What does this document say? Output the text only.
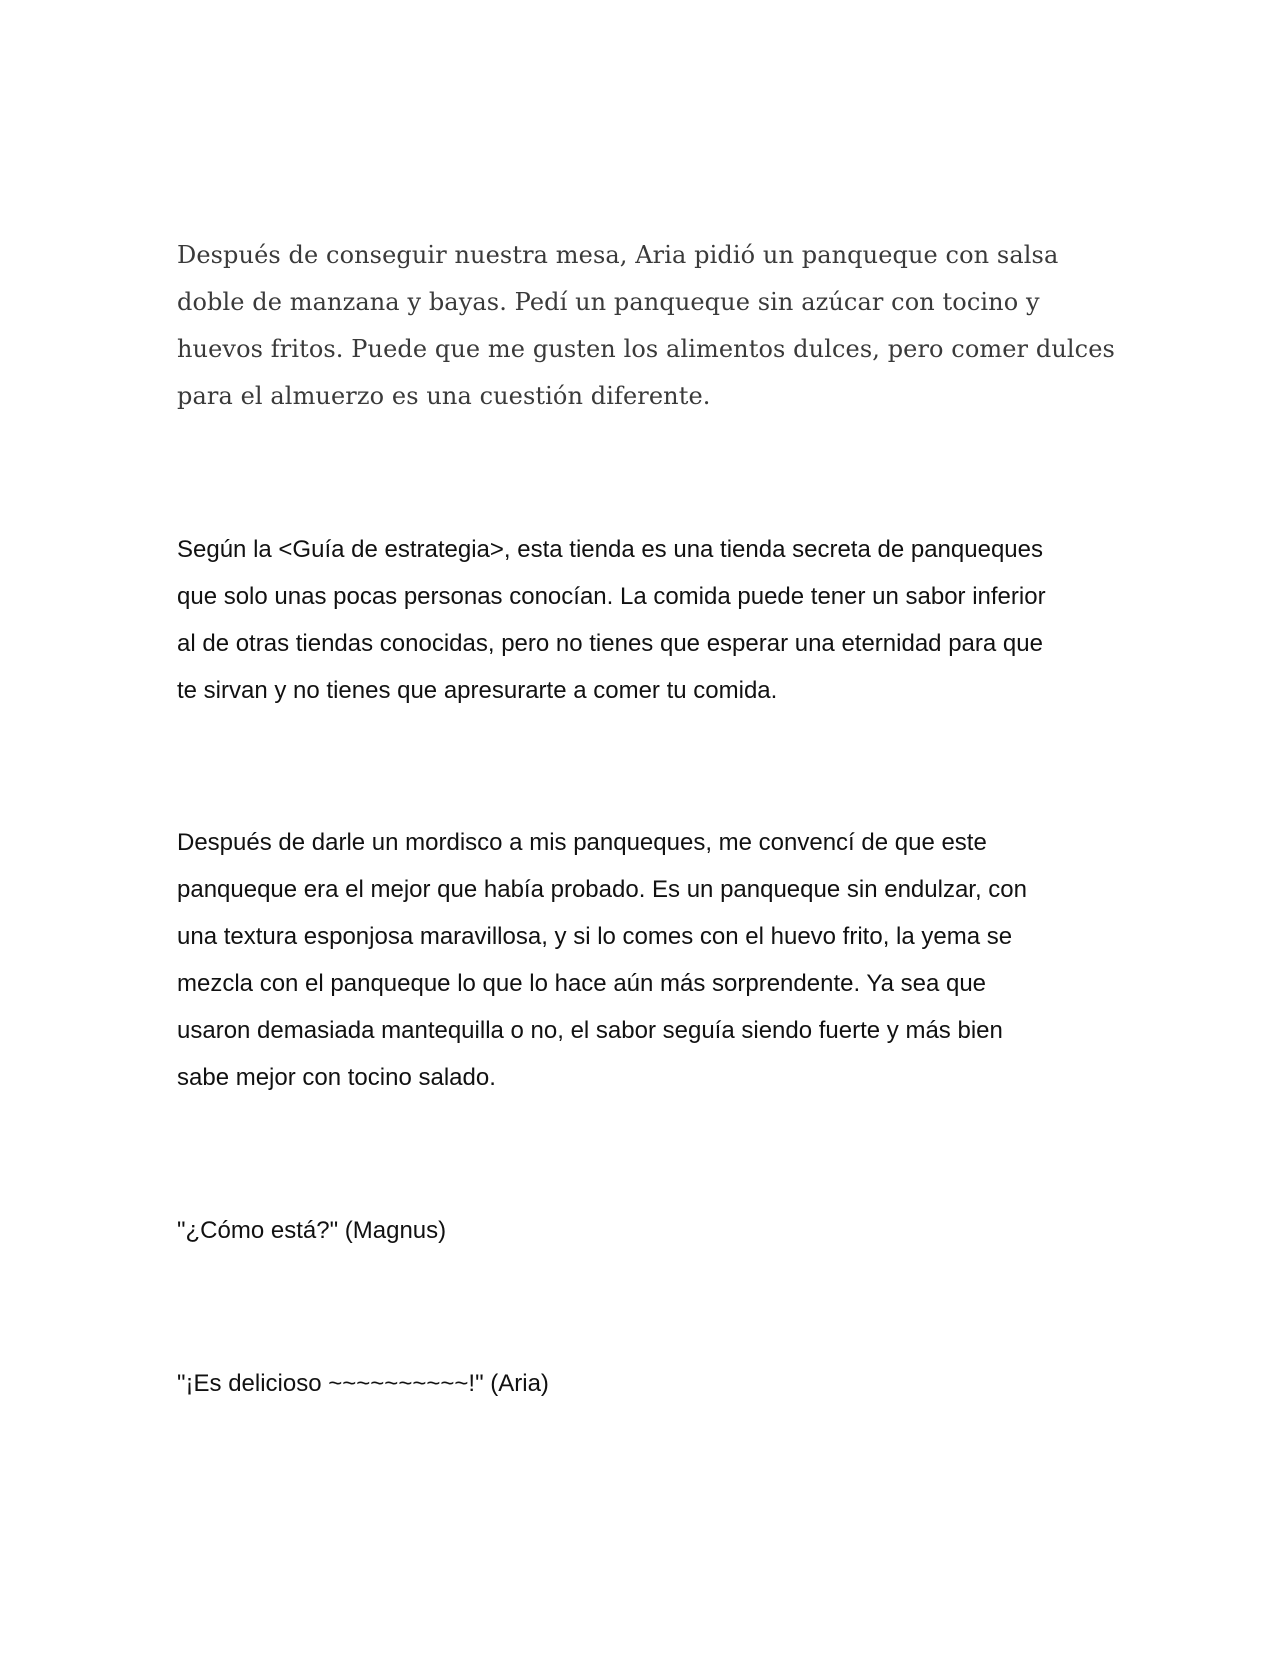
Después de conseguir nuestra mesa, Aria pidió un panqueque con salsa
doble de manzana y bayas. Pedí un panqueque sin azúcar con tocino y
huevos fritos. Puede que me gusten los alimentos dulces, pero comer dulces
para el almuerzo es una cuestión diferente.

Según la <Guía de estrategia>, esta tienda es una tienda secreta de panqueques
que solo unas pocas personas conocían. La comida puede tener un sabor inferior
al de otras tiendas conocidas, pero no tienes que esperar una eternidad para que
te sirvan y no tienes que apresurarte a comer tu comida.

Después de darle un mordisco a mis panqueques, me convencí de que este
panqueque era el mejor que había probado. Es un panqueque sin endulzar, con
una textura esponjosa maravillosa, y si lo comes con el huevo frito, la yema se
mezcla con el panqueque lo que lo hace aún más sorprendente. Ya sea que
usaron demasiada mantequilla o no, el sabor seguía siendo fuerte y más bien
sabe mejor con tocino salado.

"¿Cómo está?" (Magnus)

"¡Es delicioso ~~~~~~~~~~!" (Aria)
